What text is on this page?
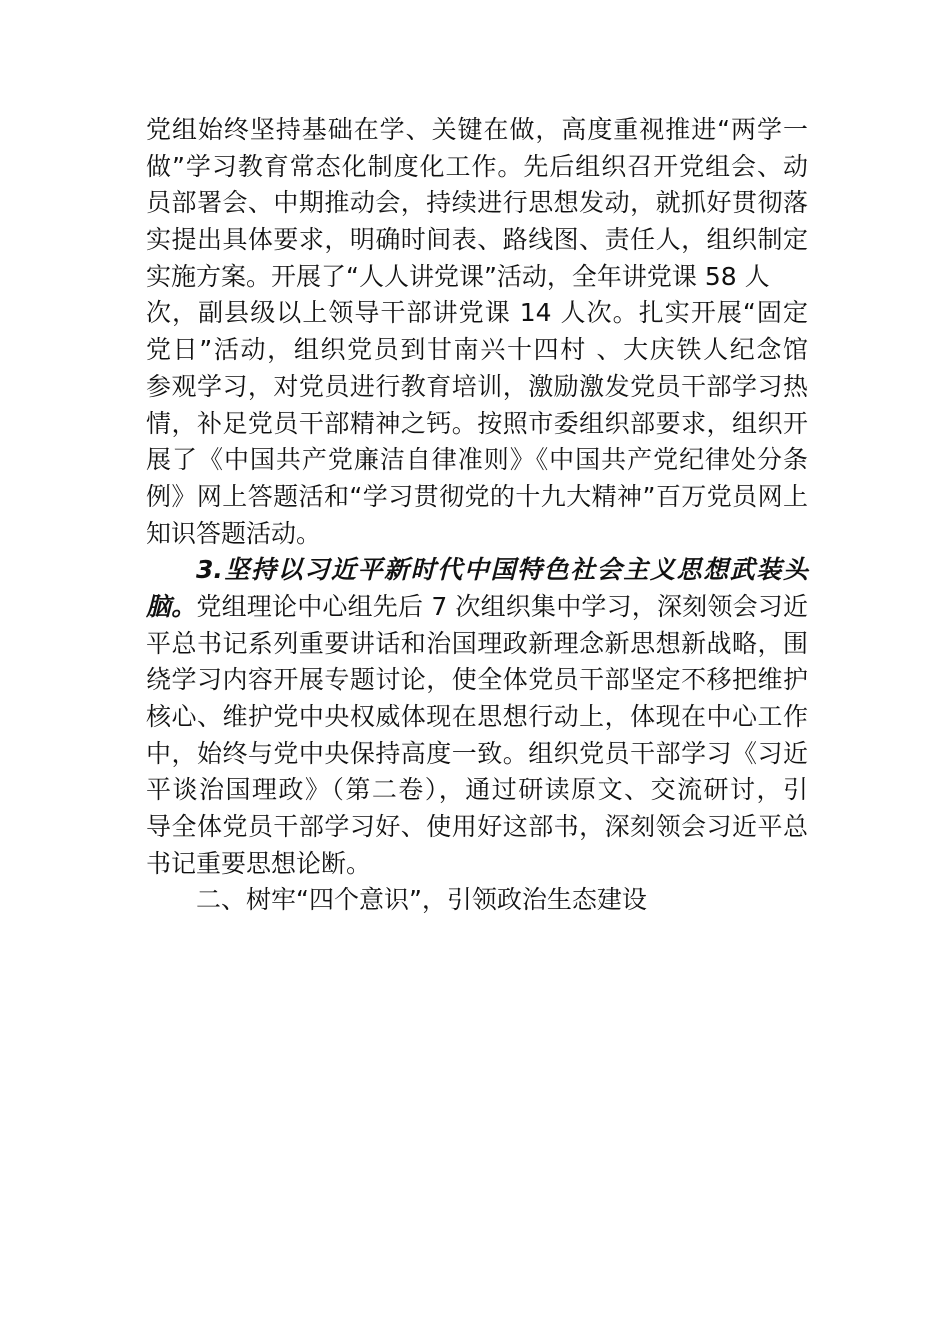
党组始终坚持基础在学、关键在做，高度重视推进“两学一
做”学习教育常态化制度化工作。先后组织召开党组会、动
员部署会、中期推动会，持续进行思想发动，就抓好贯彻落
实提出具体要求，明确时间表、路线图、责任人，组织制定
实施方案。开展了“人人讲党课”活动，全年讲党课 58 人
次，副县级以上领导干部讲党课 14 人次。扎实开展“固定
党日”活动，组织党员到甘南兴十四村 、大庆铁人纪念馆
参观学习，对党员进行教育培训，激励激发党员干部学习热
情，补足党员干部精神之钙。按照市委组织部要求，组织开
展了《中国共产党廉洁自律准则》《中国共产党纪律处分条
例》网上答题活和“学习贯彻党的十九大精神”百万党员网上
知识答题活动。
3.坚持以习近平新时代中国特色社会主义思想武装头
脑。党组理论中心组先后 7 次组织集中学习，深刻领会习近
平总书记系列重要讲话和治国理政新理念新思想新战略，围
绕学习内容开展专题讨论，使全体党员干部坚定不移把维护
核心、维护党中央权威体现在思想行动上，体现在中心工作
中，始终与党中央保持高度一致。组织党员干部学习《习近
平谈治国理政》（第二卷），通过研读原文、交流研讨，引
导全体党员干部学习好、使用好这部书，深刻领会习近平总
书记重要思想论断。
二、树牢“四个意识”，引领政治生态建设
